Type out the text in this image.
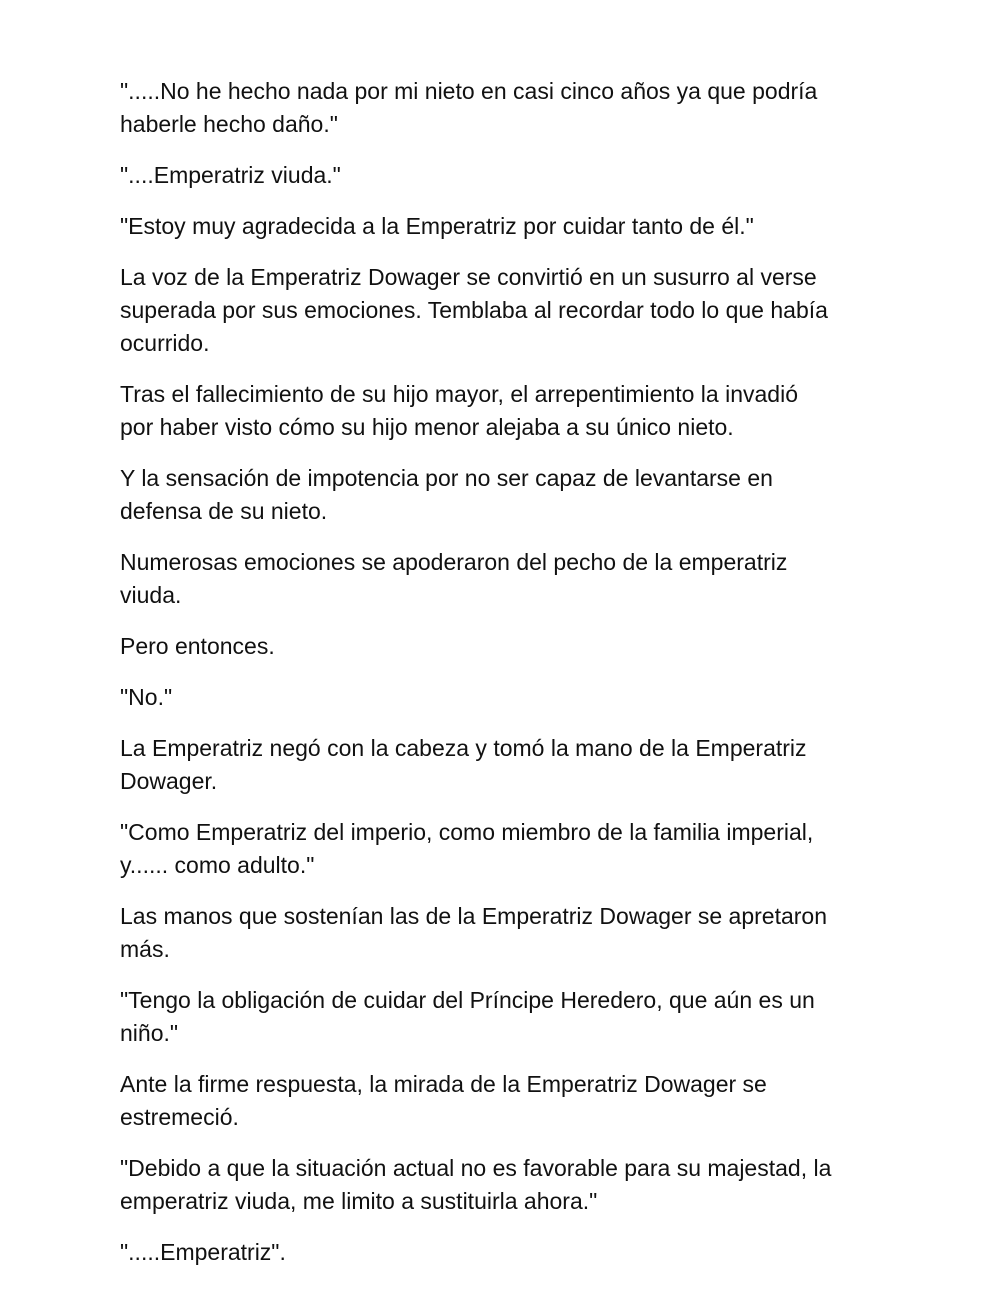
".....No he hecho nada por mi nieto en casi cinco años ya que podría
haberle hecho daño."

"....Emperatriz viuda."

"Estoy muy agradecida a la Emperatriz por cuidar tanto de él."

La voz de la Emperatriz Dowager se convirtió en un susurro al verse
superada por sus emociones. Temblaba al recordar todo lo que había
ocurrido.

Tras el fallecimiento de su hijo mayor, el arrepentimiento la invadió
por haber visto cómo su hijo menor alejaba a su único nieto.

Y la sensación de impotencia por no ser capaz de levantarse en
defensa de su nieto.

Numerosas emociones se apoderaron del pecho de la emperatriz
viuda.

Pero entonces.

"No."

La Emperatriz negó con la cabeza y tomó la mano de la Emperatriz
Dowager.

"Como Emperatriz del imperio, como miembro de la familia imperial,
y...... como adulto."

Las manos que sostenían las de la Emperatriz Dowager se apretaron
más.

"Tengo la obligación de cuidar del Príncipe Heredero, que aún es un
niño."

Ante la firme respuesta, la mirada de la Emperatriz Dowager se
estremeció.

"Debido a que la situación actual no es favorable para su majestad, la
emperatriz viuda, me limito a sustituirla ahora."

".....Emperatriz".
